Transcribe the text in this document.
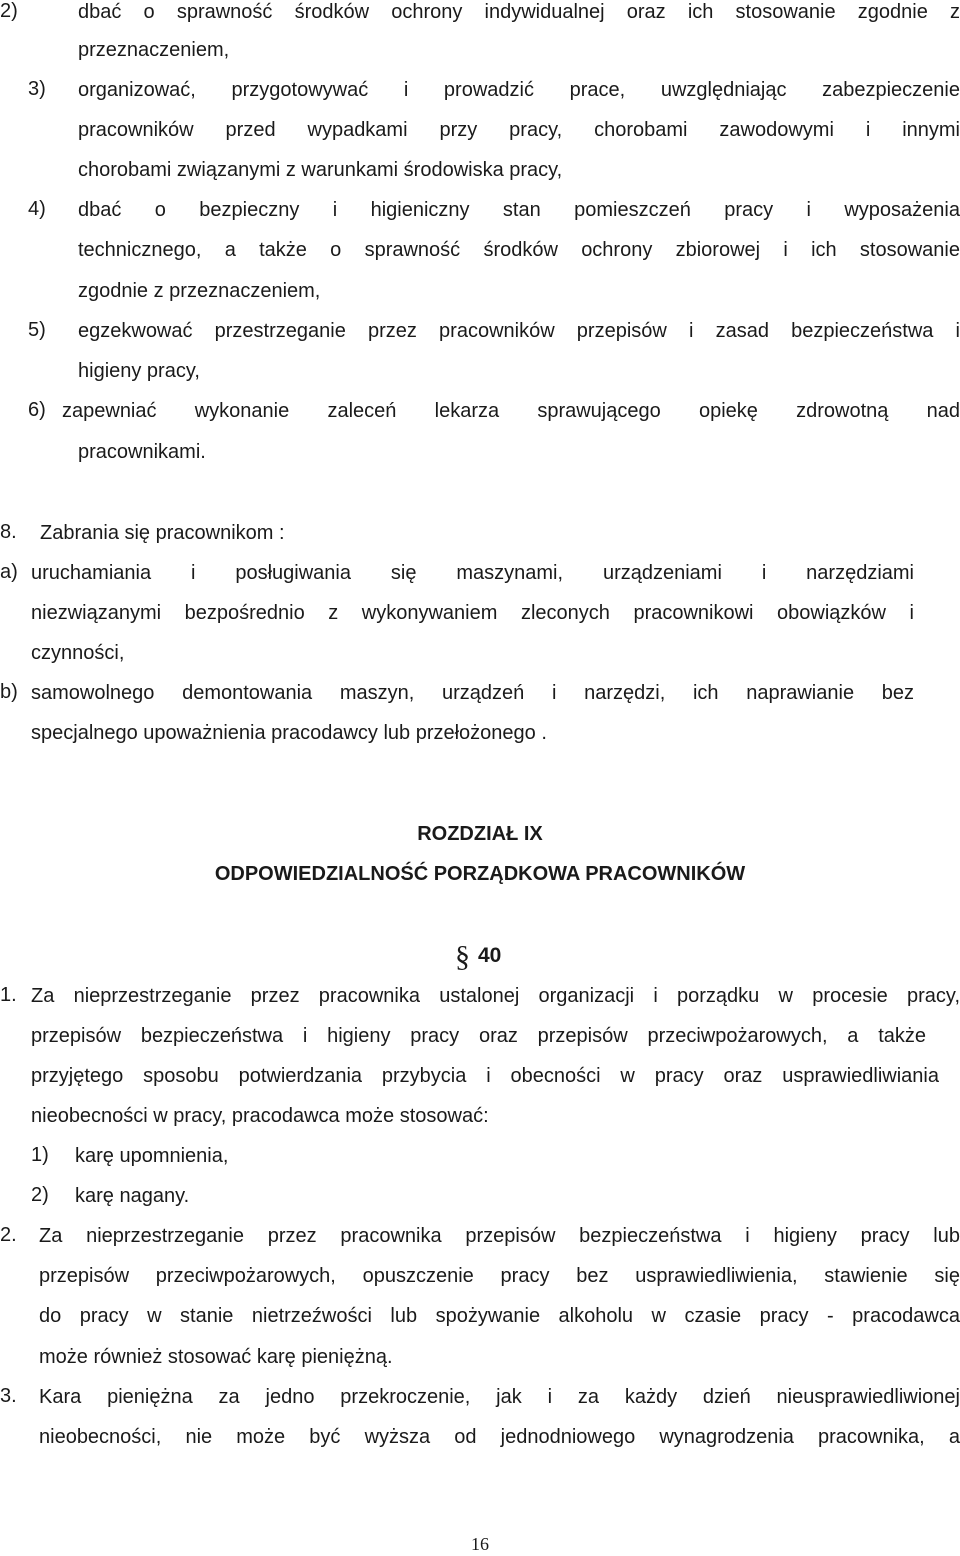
2)	dbać o sprawność środków ochrony indywidualnej oraz ich stosowanie zgodnie z

przeznaczeniem,

3) organizować, przygotowywać i prowadzić prace, uwzględniając zabezpieczenie

pracowników przed wypadkami przy pracy, chorobami zawodowymi i innymi

chorobami związanymi z warunkami środowiska pracy,

4) dbać o bezpieczny i higieniczny stan pomieszczeń pracy i wyposażenia

technicznego, a także o sprawność środków ochrony zbiorowej i ich stosowanie

zgodnie z przeznaczeniem,

5) egzekwować przestrzeganie przez pracowników przepisów i zasad bezpieczeństwa i

higieny pracy,

6) zapewniać wykonanie zaleceń lekarza sprawującego opiekę zdrowotną nad

pracownikami.

8. Zabrania się pracownikom :

a) uruchamiania i posługiwania się maszynami, urządzeniami i narzędziami

niezwiązanymi bezpośrednio z wykonywaniem zleconych pracownikowi obowiązków i

czynności,

b) samowolnego demontowania maszyn, urządzeń i narzędzi, ich naprawianie bez

specjalnego upoważnienia pracodawcy lub przełożonego .

ROZDZIAŁ IX
ODPOWIEDZIALNOŚĆ PORZĄDKOWA PRACOWNIKÓW
§ 40
1. Za nieprzestrzeganie przez pracownika ustalonej organizacji i porządku w procesie pracy,

przepisów bezpieczeństwa i higieny pracy oraz przepisów przeciwpożarowych, a także

przyjętego sposobu potwierdzania przybycia i obecności w pracy oraz usprawiedliwiania

nieobecności w pracy, pracodawca może stosować:

1) karę upomnienia,

2) karę nagany.

2. Za nieprzestrzeganie przez pracownika przepisów bezpieczeństwa i higieny pracy lub

przepisów przeciwpożarowych, opuszczenie pracy bez usprawiedliwienia, stawienie się

do pracy w stanie nietrzeźwości lub spożywanie alkoholu w czasie pracy - pracodawca

może również stosować karę pieniężną.

3. Kara pieniężna za jedno przekroczenie, jak i za każdy dzień nieusprawiedliwionej

nieobecności, nie może być wyższa od jednodniowego wynagrodzenia pracownika, a

16
